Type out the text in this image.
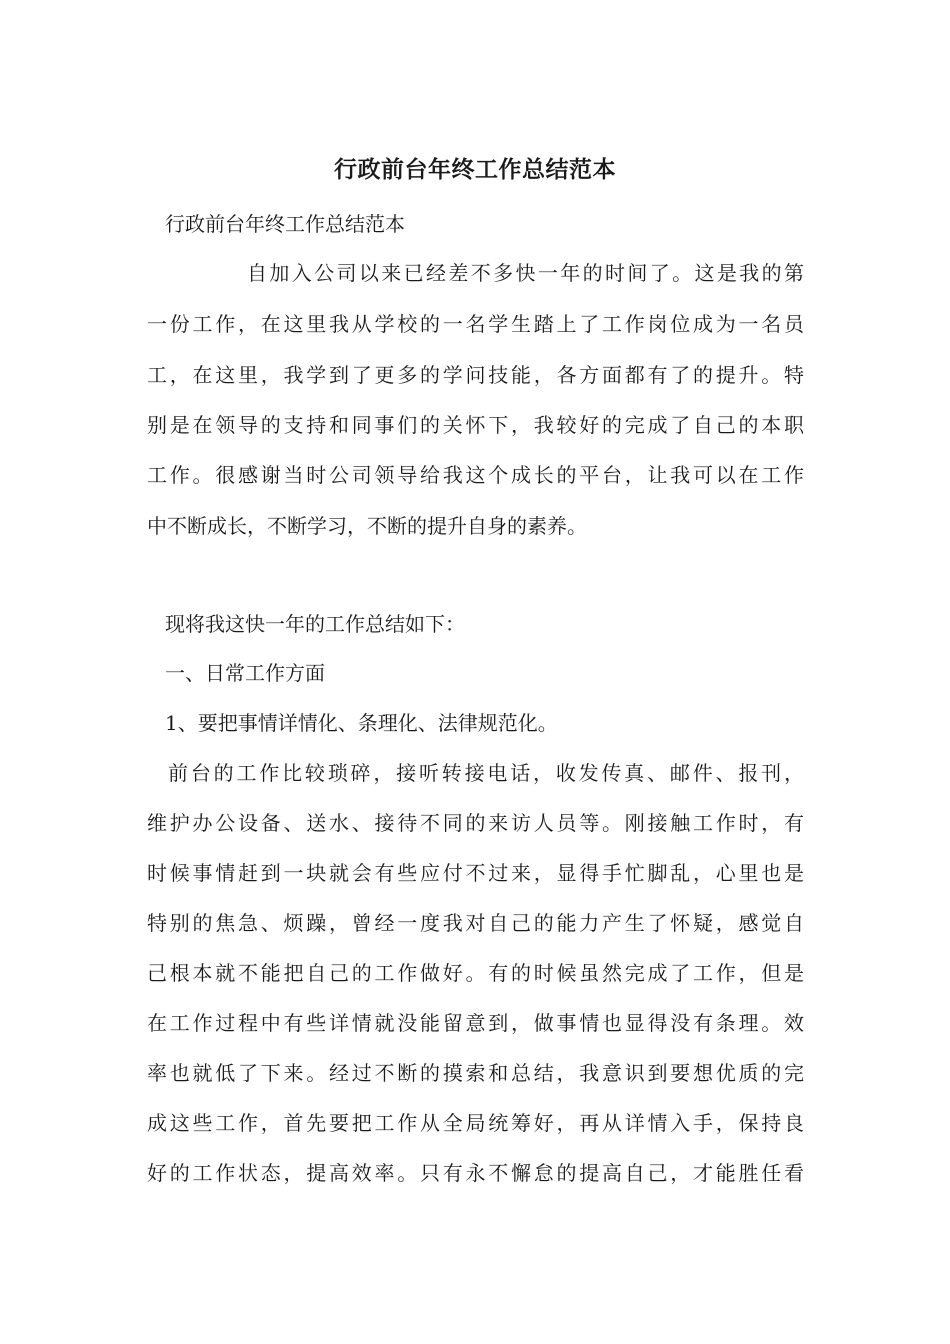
行政前台年终工作总结范本
行政前台年终工作总结范本
自加入公司以来已经差不多快一年的时间了。这是我的第
一份工作，在这里我从学校的一名学生踏上了工作岗位成为一名员
工，在这里，我学到了更多的学问技能，各方面都有了的提升。特
别是在领导的支持和同事们的关怀下，我较好的完成了自己的本职
工作。很感谢当时公司领导给我这个成长的平台，让我可以在工作
中不断成长，不断学习，不断的提升自身的素养。
现将我这快一年的工作总结如下：
一、日常工作方面
1、要把事情详情化、条理化、法律规范化。
前台的工作比较琐碎，接听转接电话，收发传真、邮件、报刊，
维护办公设备、送水、接待不同的来访人员等。刚接触工作时，有
时候事情赶到一块就会有些应付不过来，显得手忙脚乱，心里也是
特别的焦急、烦躁，曾经一度我对自己的能力产生了怀疑，感觉自
己根本就不能把自己的工作做好。有的时候虽然完成了工作，但是
在工作过程中有些详情就没能留意到，做事情也显得没有条理。效
率也就低了下来。经过不断的摸索和总结，我意识到要想优质的完
成这些工作，首先要把工作从全局统筹好，再从详情入手，保持良
好的工作状态，提高效率。只有永不懈怠的提高自己，才能胜任看
